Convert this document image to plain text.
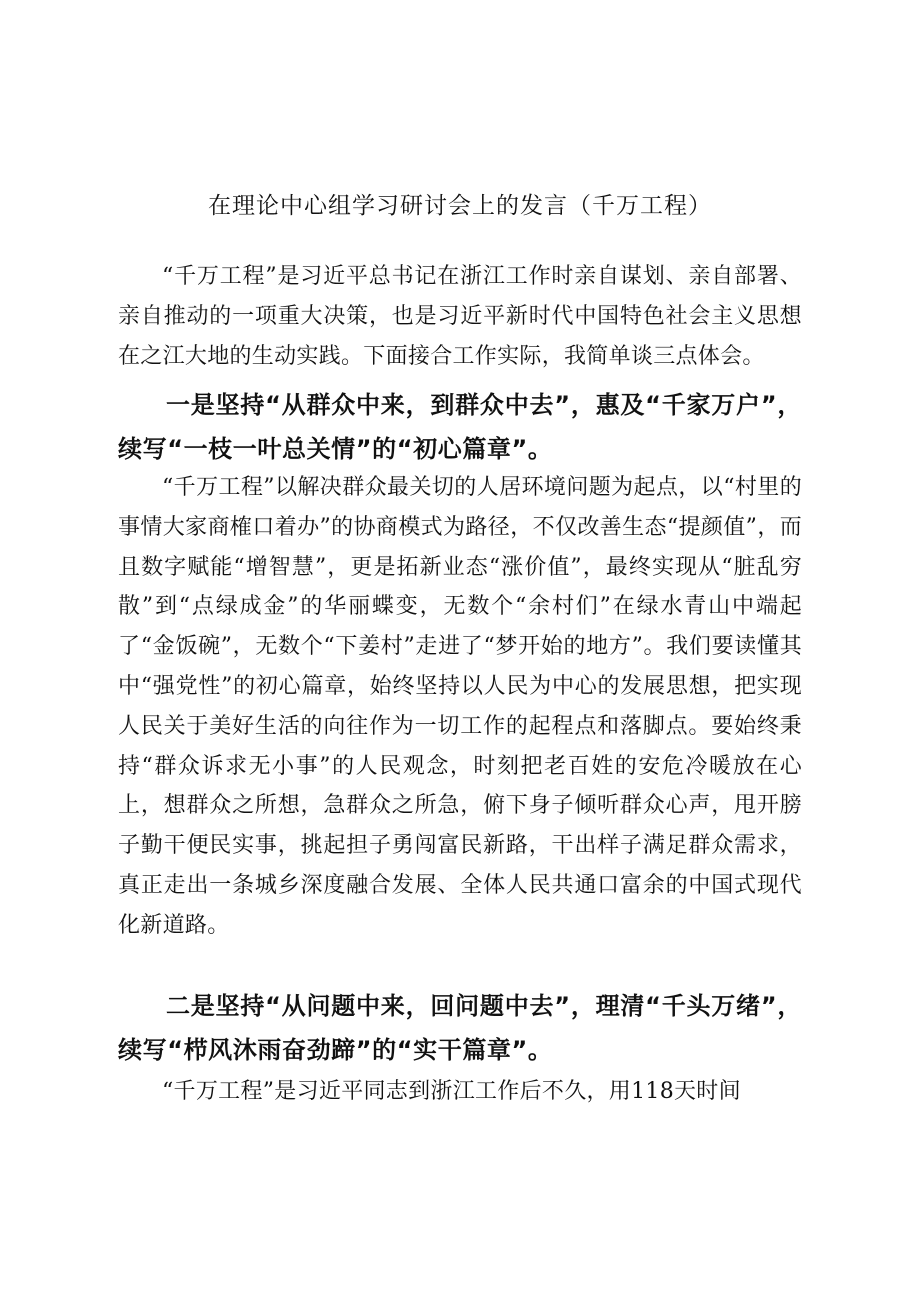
在理论中心组学习研讨会上的发言（千万工程）

“千万工程”是习近平总书记在浙江工作时亲自谋划、亲自部署、亲自推动的一项重大决策，也是习近平新时代中国特色社会主义思想在之江大地的生动实践。下面接合工作实际，我简单谈三点体会。

一是坚持“从群众中来，到群众中去”，惠及“千家万户”，续写“一枝一叶总关情”的“初心篇章”。

“千万工程”以解决群众最关切的人居环境问题为起点，以“村里的事情大家商榷口着办”的协商模式为路径，不仅改善生态“提颜值”，而且数字赋能“增智慧”，更是拓新业态“涨价值”，最终实现从“脏乱穷散”到“点绿成金”的华丽蝶变，无数个“余村们”在绿水青山中端起了“金饭碗”，无数个“下姜村”走进了“梦开始的地方”。我们要读懂其中“强党性”的初心篇章，始终坚持以人民为中心的发展思想，把实现人民关于美好生活的向往作为一切工作的起程点和落脚点。要始终秉持“群众诉求无小事”的人民观念，时刻把老百姓的安危冷暖放在心上，想群众之所想，急群众之所急，俯下身子倾听群众心声，甩开膀子勤干便民实事，挑起担子勇闯富民新路，干出样子满足群众需求，真正走出一条城乡深度融合发展、全体人民共通口富余的中国式现代化新道路。

二是坚持“从问题中来，回问题中去”，理清“千头万绪”，续写“栉风沐雨奋劲蹄”的“实干篇章”。

“千万工程”是习近平同志到浙江工作后不久，用118天时间
